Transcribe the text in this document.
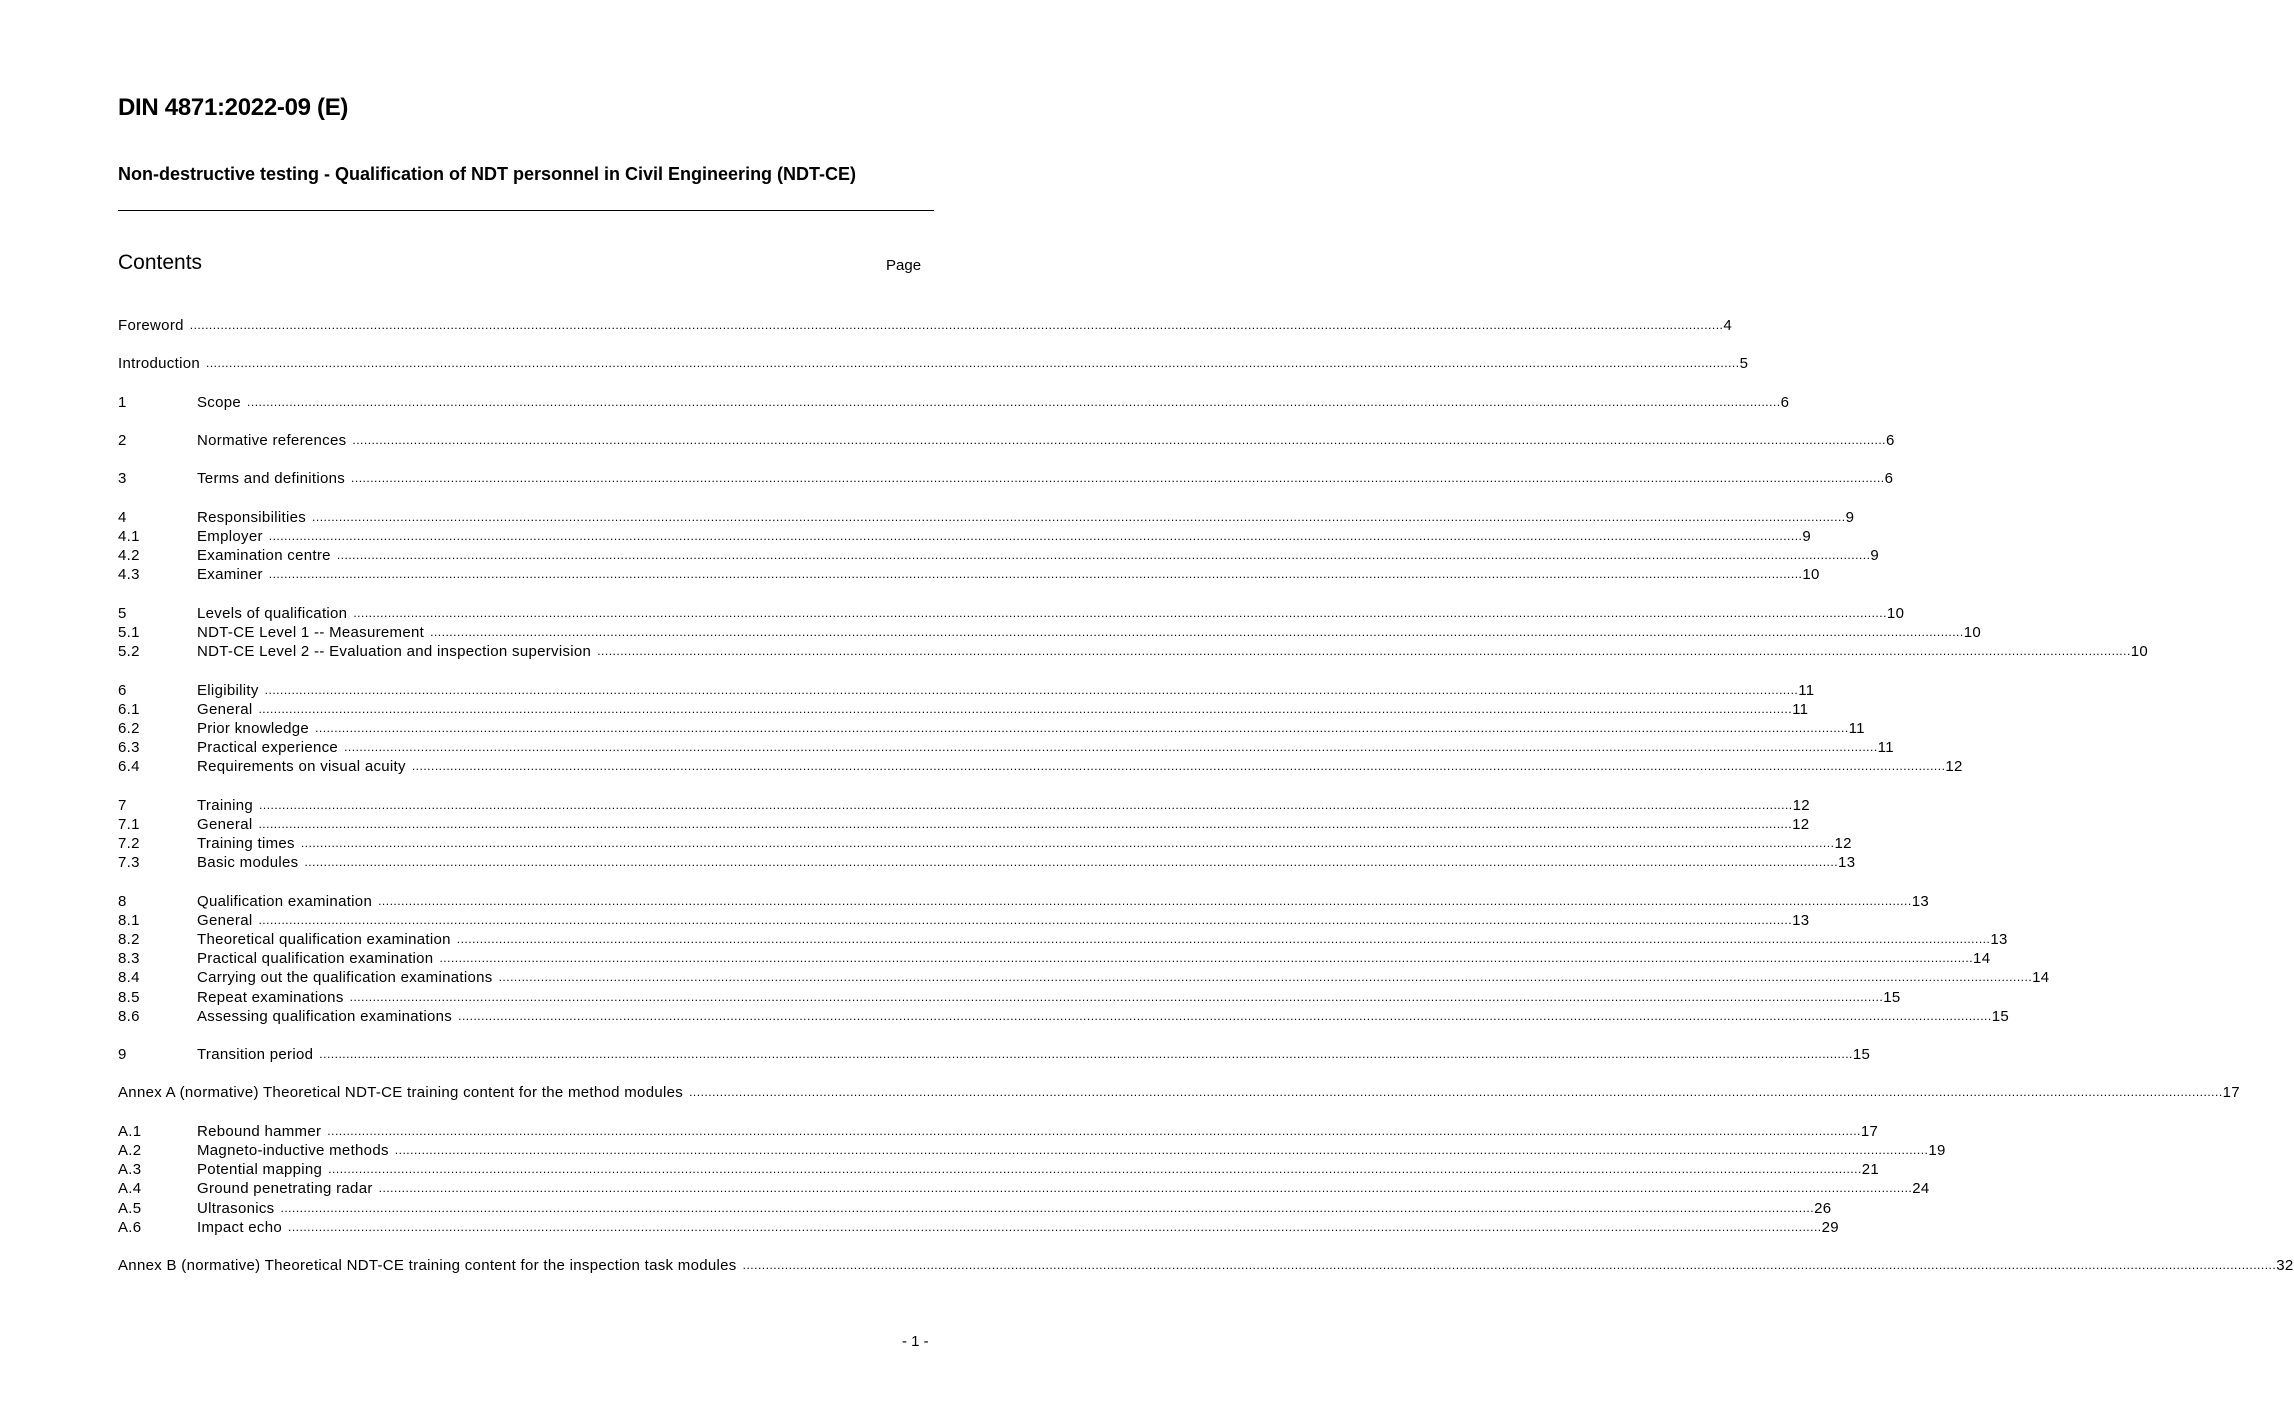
DIN 4871:2022-09 (E)
Non-destructive testing - Qualification of NDT personnel in Civil Engineering (NDT-CE)
Contents	Page
Foreword ................................................................................................................................................................................................................................................................................................................................................................................................................ 4
Introduction ................................................................................................................................................................................................................................................................................................................................................................................................................ 5
1	Scope ................................................................................................................................................................................................................................................................................................................................................................................................................ 6
2	Normative references ................................................................................................................................................................................................................................................................................................................................................................................................................ 6
3	Terms and definitions ................................................................................................................................................................................................................................................................................................................................................................................................................ 6
4	Responsibilities ................................................................................................................................................................................................................................................................................................................................................................................................................ 9
4.1	Employer ................................................................................................................................................................................................................................................................................................................................................................................................................ 9
4.2	Examination centre ................................................................................................................................................................................................................................................................................................................................................................................................................ 9
4.3	Examiner ................................................................................................................................................................................................................................................................................................................................................................................................................ 10
5	Levels of qualification ................................................................................................................................................................................................................................................................................................................................................................................................................ 10
5.1	NDT-CE Level 1 -- Measurement ................................................................................................................................................................................................................................................................................................................................................................................................................ 10
5.2	NDT-CE Level 2 -- Evaluation and inspection supervision ................................................................................................................................................................................................................................................................................................................................................................................................................ 10
6	Eligibility ................................................................................................................................................................................................................................................................................................................................................................................................................ 11
6.1	General ................................................................................................................................................................................................................................................................................................................................................................................................................ 11
6.2	Prior knowledge ................................................................................................................................................................................................................................................................................................................................................................................................................ 11
6.3	Practical experience ................................................................................................................................................................................................................................................................................................................................................................................................................ 11
6.4	Requirements on visual acuity ................................................................................................................................................................................................................................................................................................................................................................................................................ 12
7	Training ................................................................................................................................................................................................................................................................................................................................................................................................................ 12
7.1	General ................................................................................................................................................................................................................................................................................................................................................................................................................ 12
7.2	Training times ................................................................................................................................................................................................................................................................................................................................................................................................................ 12
7.3	Basic modules ................................................................................................................................................................................................................................................................................................................................................................................................................ 13
8	Qualification examination ................................................................................................................................................................................................................................................................................................................................................................................................................ 13
8.1	General ................................................................................................................................................................................................................................................................................................................................................................................................................ 13
8.2	Theoretical qualification examination ................................................................................................................................................................................................................................................................................................................................................................................................................ 13
8.3	Practical qualification examination ................................................................................................................................................................................................................................................................................................................................................................................................................ 14
8.4	Carrying out the qualification examinations ................................................................................................................................................................................................................................................................................................................................................................................................................ 14
8.5	Repeat examinations ................................................................................................................................................................................................................................................................................................................................................................................................................ 15
8.6	Assessing qualification examinations ................................................................................................................................................................................................................................................................................................................................................................................................................ 15
9	Transition period ................................................................................................................................................................................................................................................................................................................................................................................................................ 15
Annex A (normative) Theoretical NDT-CE training content for the method modules ................................................................................................................................................................................................................................................................................................................................................................................................................ 17
A.1	Rebound hammer ................................................................................................................................................................................................................................................................................................................................................................................................................ 17
A.2	Magneto-inductive methods ................................................................................................................................................................................................................................................................................................................................................................................................................ 19
A.3	Potential mapping ................................................................................................................................................................................................................................................................................................................................................................................................................ 21
A.4	Ground penetrating radar ................................................................................................................................................................................................................................................................................................................................................................................................................ 24
A.5	Ultrasonics ................................................................................................................................................................................................................................................................................................................................................................................................................ 26
A.6	Impact echo ................................................................................................................................................................................................................................................................................................................................................................................................................ 29
Annex B (normative) Theoretical NDT-CE training content for the inspection task modules ................................................................................................................................................................................................................................................................................................................................................................................................................ 32
- 1 -
